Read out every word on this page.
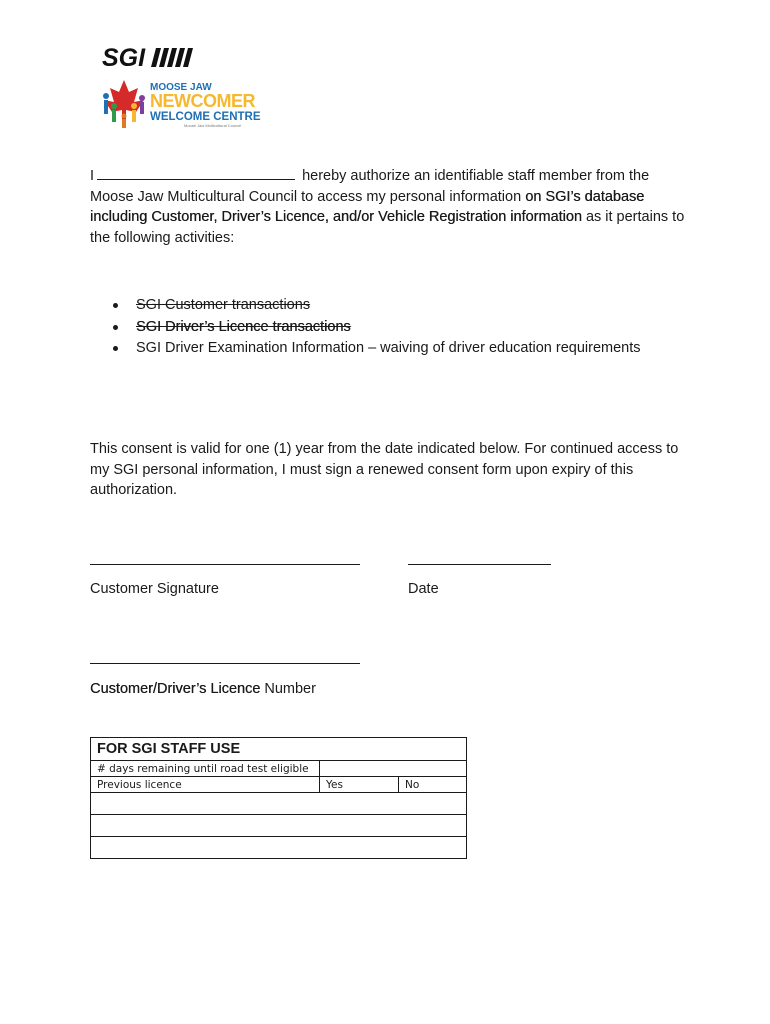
SGI
MOOSE JAW
NEWCOMER
WELCOME CENTRE
Moose Jaw Multicultural Council
I	hereby authorize an identifiable staff member from the Moose Jaw Multicultural Council to access my personal information on SGI’s database including Customer, Driver’s Licence, and/or Vehicle Registration information as it pertains to the following activities:
SGI Customer transactions
SGI Driver’s Licence transactions
SGI Driver Examination Information – waiving of driver education requirements
This consent is valid for one (1) year from the date indicated below. For continued access to my SGI personal information, I must sign a renewed consent form upon expiry of this authorization.
Customer Signature	Date
Customer/Driver’s Licence Number
FOR SGI STAFF USE		
# days remaining until road test eligible		
Previous licence	Yes	No
